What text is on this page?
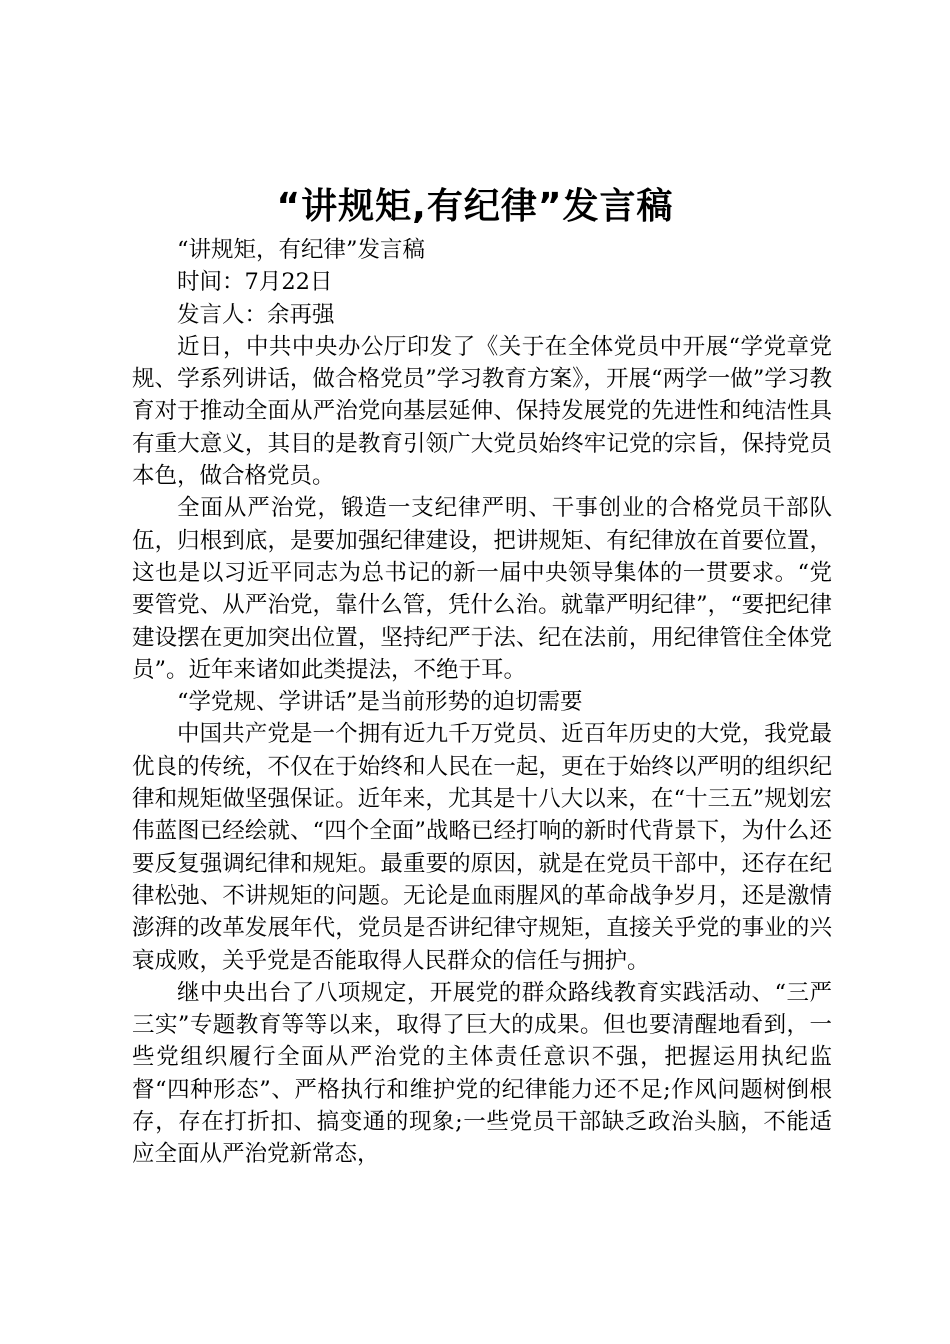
“讲规矩,有纪律”发言稿

“讲规矩，有纪律”发言稿

时间：7月22日

发言人：余再强

近日，中共中央办公厅印发了《关于在全体党员中开展“学党章党规、学系列讲话，做合格党员”学习教育方案》，开展“两学一做”学习教育对于推动全面从严治党向基层延伸、保持发展党的先进性和纯洁性具有重大意义，其目的是教育引领广大党员始终牢记党的宗旨，保持党员本色，做合格党员。

全面从严治党，锻造一支纪律严明、干事创业的合格党员干部队伍，归根到底，是要加强纪律建设，把讲规矩、有纪律放在首要位置，这也是以习近平同志为总书记的新一届中央领导集体的一贯要求。“党要管党、从严治党，靠什么管，凭什么治。就靠严明纪律”，“要把纪律建设摆在更加突出位置，坚持纪严于法、纪在法前，用纪律管住全体党员”。近年来诸如此类提法，不绝于耳。

“学党规、学讲话”是当前形势的迫切需要

中国共产党是一个拥有近九千万党员、近百年历史的大党，我党最优良的传统，不仅在于始终和人民在一起，更在于始终以严明的组织纪律和规矩做坚强保证。近年来，尤其是十八大以来，在“十三五”规划宏伟蓝图已经绘就、“四个全面”战略已经打响的新时代背景下，为什么还要反复强调纪律和规矩。最重要的原因，就是在党员干部中，还存在纪律松弛、不讲规矩的问题。无论是血雨腥风的革命战争岁月，还是激情澎湃的改革发展年代，党员是否讲纪律守规矩，直接关乎党的事业的兴衰成败，关乎党是否能取得人民群众的信任与拥护。

继中央出台了八项规定，开展党的群众路线教育实践活动、“三严三实”专题教育等等以来，取得了巨大的成果。但也要清醒地看到，一些党组织履行全面从严治党的主体责任意识不强，把握运用执纪监督“四种形态”、严格执行和维护党的纪律能力还不足;作风问题树倒根存，存在打折扣、搞变通的现象;一些党员干部缺乏政治头脑，不能适应全面从严治党新常态，
